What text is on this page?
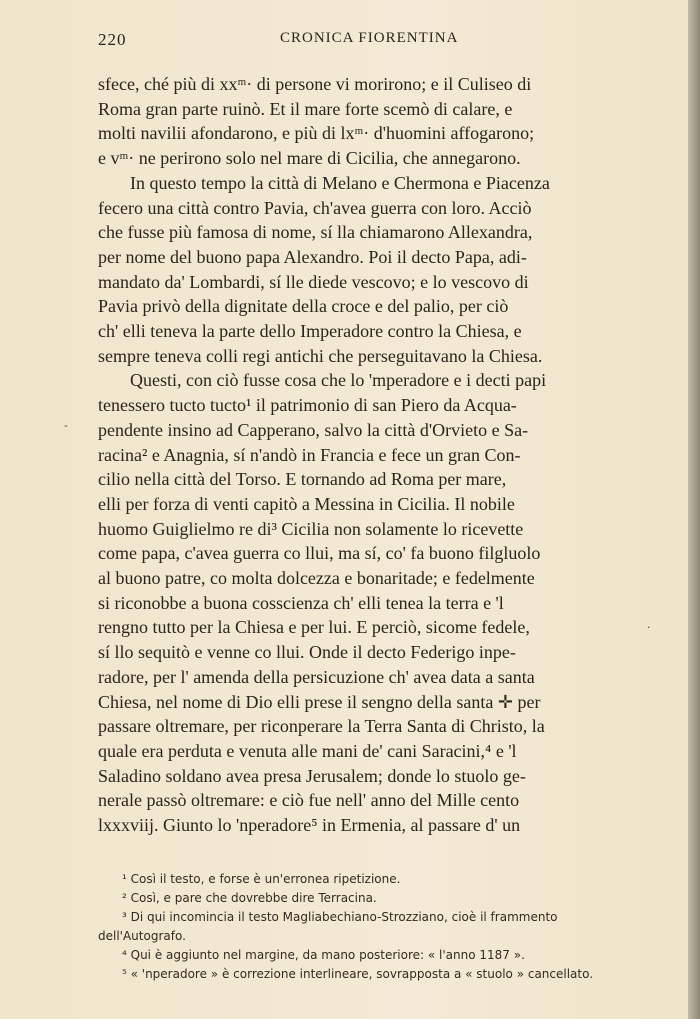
220	CRONICA FIORENTINA
sfece, ché più di xxᵐ· di persone vi morirono; e il Culiseo di
Roma gran parte ruinò. Et il mare forte scemò di calare, e
molti navilii afondarono, e più di lxᵐ· d'huomini affogarono;
e vᵐ· ne perirono solo nel mare di Cicilia, che annegarono.
In questo tempo la città di Melano e Chermona e Piacenza
fecero una città contro Pavia, ch'avea guerra con loro. Acciò
che fusse più famosa di nome, sí lla chiamarono Allexandra,
per nome del buono papa Alexandro. Poi il decto Papa, adi-
mandato da' Lombardi, sí lle diede vescovo; e lo vescovo di
Pavia privò della dignitate della croce e del palio, per ciò
ch' elli teneva la parte dello Imperadore contro la Chiesa, e
sempre teneva colli regi antichi che perseguitavano la Chiesa.
Questi, con ciò fusse cosa che lo 'mperadore e i decti papi
tenessero tucto tucto¹ il patrimonio di san Piero da Acqua-
pendente insino ad Capperano, salvo la città d'Orvieto e Sa-
racina² e Anagnia, sí n'andò in Francia e fece un gran Con-
cilio nella città del Torso. E tornando ad Roma per mare,
elli per forza di venti capitò a Messina in Cicilia. Il nobile
huomo Guiglielmo re di³ Cicilia non solamente lo ricevette
come papa, c'avea guerra co llui, ma sí, co' fa buono filgluolo
al buono patre, co molta dolcezza e bonaritade; e fedelmente
si riconobbe a buona cosscienza ch' elli tenea la terra e 'l
rengno tutto per la Chiesa e per lui. E perciò, sicome fedele,
sí llo sequitò e venne co llui. Onde il decto Federigo inpe-
radore, per l' amenda della persicuzione ch' avea data a santa
Chiesa, nel nome di Dio elli prese il sengno della santa ✛ per
passare oltremare, per riconperare la Terra Santa di Christo, la
quale era perduta e venuta alle mani de' cani Saracini,⁴ e 'l
Saladino soldano avea presa Jerusalem; donde lo stuolo ge-
nerale passò oltremare: e ciò fue nell' anno del Mille cento
lxxxviij. Giunto lo 'nperadore⁵ in Ermenia, al passare d' un
-
·
¹ Così il testo, e forse è un'erronea ripetizione.
² Così, e pare che dovrebbe dire Terracina.
³ Di qui incomincia il testo Magliabechiano-Strozziano, cioè il frammento
dell'Autografo.
⁴ Qui è aggiunto nel margine, da mano posteriore: « l'anno 1187 ».
⁵ « 'nperadore » è correzione interlineare, sovrapposta a « stuolo » cancellato.
